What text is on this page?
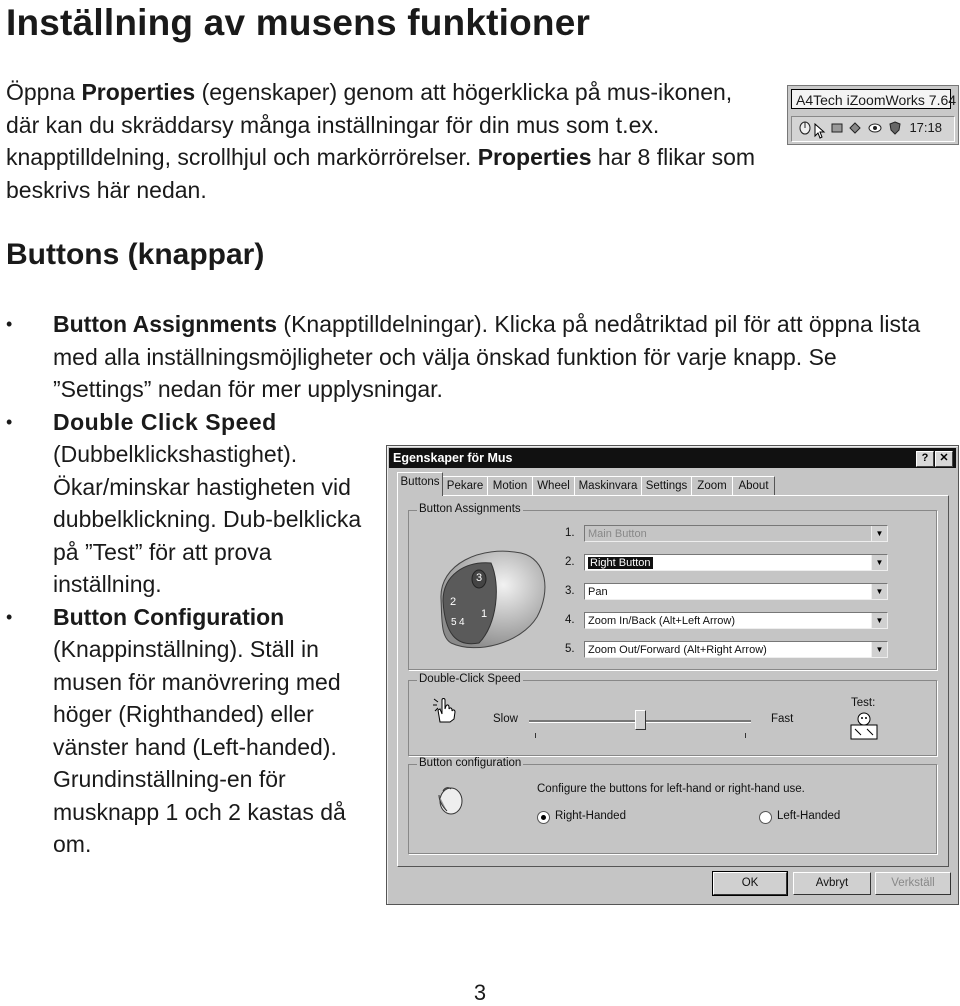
Inställning av musens funktioner

Öppna Properties (egenskaper) genom att högerklicka på mus-ikonen, där kan du skräddarsy många inställningar för din mus som t.ex. knapptilldelning, scrollhjul och markörrörelser. Properties har 8 flikar som beskrivs här nedan.

A4Tech iZoomWorks 7.64
17:18
Buttons (knappar)
• Button Assignments (Knapptilldelningar). Klicka på nedåtriktad pil för att öppna lista med alla inställningsmöjligheter och välja önskad funktion för varje knapp. Se ”Settings” nedan för mer upplysningar.
• Double Click Speed (Dubbelklickshastighet). Ökar/minskar hastigheten vid dubbelklickning. Dub-belklicka på ”Test” för att prova inställning.
• Button Configuration (Knappinställning). Ställ in musen för manövrering med höger (Righthanded) eller vänster hand (Left-handed). Grundinställning-en för musknapp 1 och 2 kastas då om.
3
Egenskaper för Mus	?	✕
Buttons Pekare Motion Wheel Maskinvara Settings Zoom	About
Button Assignments
3
2
5 4
1
1.	Main Button	▼
2.	Right Button	▼
3.	Pan	▼
4.	Zoom In/Back (Alt+Left Arrow)	▼
5.	Zoom Out/Forward (Alt+Right Arrow)	▼
Double-Click Speed
Slow	Fast
Test:
Button configuration
Configure the buttons for left-hand or right-hand use.
Right-Handed	Left-Handed
OK	Avbryt	Verkställ
